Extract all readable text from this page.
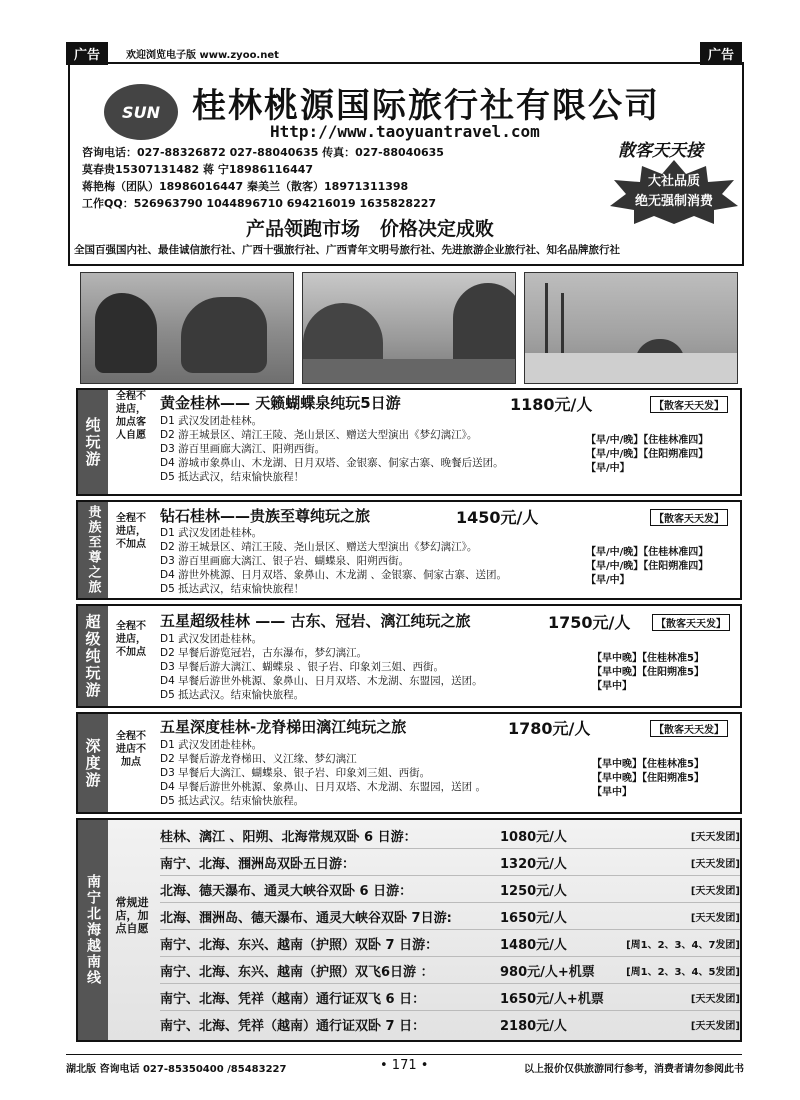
广告	欢迎浏览电子版 www.zyoo.net	广告
SUN 桂林桃源国际旅行社有限公司
Http://www.taoyuantravel.com
咨询电话：027-88326872 027-88040635 传真：027-88040635
莫春贵15307131482 蒋 宁18986116447
蒋艳梅（团队）18986016447 秦美兰（散客）18971311398
工作QQ：526963790 1044896710 694216019 1635828227
散客天天接
大社品质
绝无强制消费
产品领跑市场   价格决定成败
全国百强国内社、最佳诚信旅行社、广西十强旅行社、广西青年文明号旅行社、先进旅游企业旅行社、知名品牌旅行社
纯玩游
全程不进店，加点客人自愿
黄金桂林—— 天籁蝴蝶泉纯玩5日游	1180元/人	【散客天天发】
D1 武汉发团赴桂林。
D2 游王城景区、靖江王陵、尧山景区、赠送大型演出《梦幻漓江》。
D3 游百里画廊大漓江、阳朔西街。
D4 游城市象鼻山、木龙湖、日月双塔、金银寨、侗家古寨、晚餐后送团。
D5 抵达武汉，结束愉快旅程！
【早/中/晚】【住桂林准四】
【早/中/晚】【住阳朔准四】
【早/中】
贵族至尊之旅	全程不进店，不加点
钻石桂林——贵族至尊纯玩之旅	1450元/人	【散客天天发】
D1 武汉发团赴桂林。
D2 游王城景区、靖江王陵、尧山景区、赠送大型演出《梦幻漓江》。
D3 游百里画廊大漓江、银子岩、蝴蝶泉、阳朔西街。
D4 游世外桃源、日月双塔、象鼻山、木龙湖 、金银寨、侗家古寨、送团。
D5 抵达武汉，结束愉快旅程！
【早/中/晚】【住桂林准四】
【早/中/晚】【住阳朔准四】
【早/中】
超级纯玩游	全程不进店，不加点
五星超级桂林 —— 古东、冠岩、漓江纯玩之旅	1750元/人	【散客天天发】
D1 武汉发团赴桂林。
D2 早餐后游览冠岩，古东瀑布，梦幻漓江。
D3 早餐后游大漓江、蝴蝶泉 、银子岩、印象刘三姐、西街。
D4 早餐后游世外桃源、象鼻山、日月双塔、木龙湖、东盟园，送团。
D5 抵达武汉。结束愉快旅程。
【早中晚】【住桂林准5】
【早中晚】【住阳朔准5】
【早中】
深度游
全程不进店不加点
五星深度桂林-龙脊梯田漓江纯玩之旅	1780元/人	【散客天天发】
D1 武汉发团赴桂林。
D2 早餐后游龙脊梯田、义江缘、梦幻漓江
D3 早餐后大漓江、蝴蝶泉、银子岩、印象刘三姐、西街。
D4 早餐后游世外桃源、象鼻山、日月双塔、木龙湖、东盟园，送团 。
D5 抵达武汉。结束愉快旅程。
【早中晚】【住桂林准5】
【早中晚】【住阳朔准5】
【早中】
南宁北海越南线	常规进店，加点自愿
桂林、漓江 、阳朔、北海常规双卧 6 日游：	1080元/人	[天天发团]
南宁、北海、涠洲岛双卧五日游：	1320元/人	[天天发团]
北海、德天瀑布、通灵大峡谷双卧 6 日游：	1250元/人	[天天发团]
北海、涠洲岛、德天瀑布、通灵大峡谷双卧 7日游:	1650元/人	[天天发团]
南宁、北海、东兴、越南（护照）双卧 7 日游：	1480元/人	[周1、2、3、4、7发团]
南宁、北海、东兴、越南（护照）双飞6日游 ：	980元/人+机票	[周1、2、3、4、5发团]
南宁、北海、凭祥（越南）通行证双飞 6 日：	1650元/人+机票	[天天发团]
南宁、北海、凭祥（越南）通行证双卧 7 日：	2180元/人	[天天发团]
湖北版 咨询电话 027-85350400 /85483227	• 171 •	以上报价仅供旅游同行参考，消费者请勿参阅此书
